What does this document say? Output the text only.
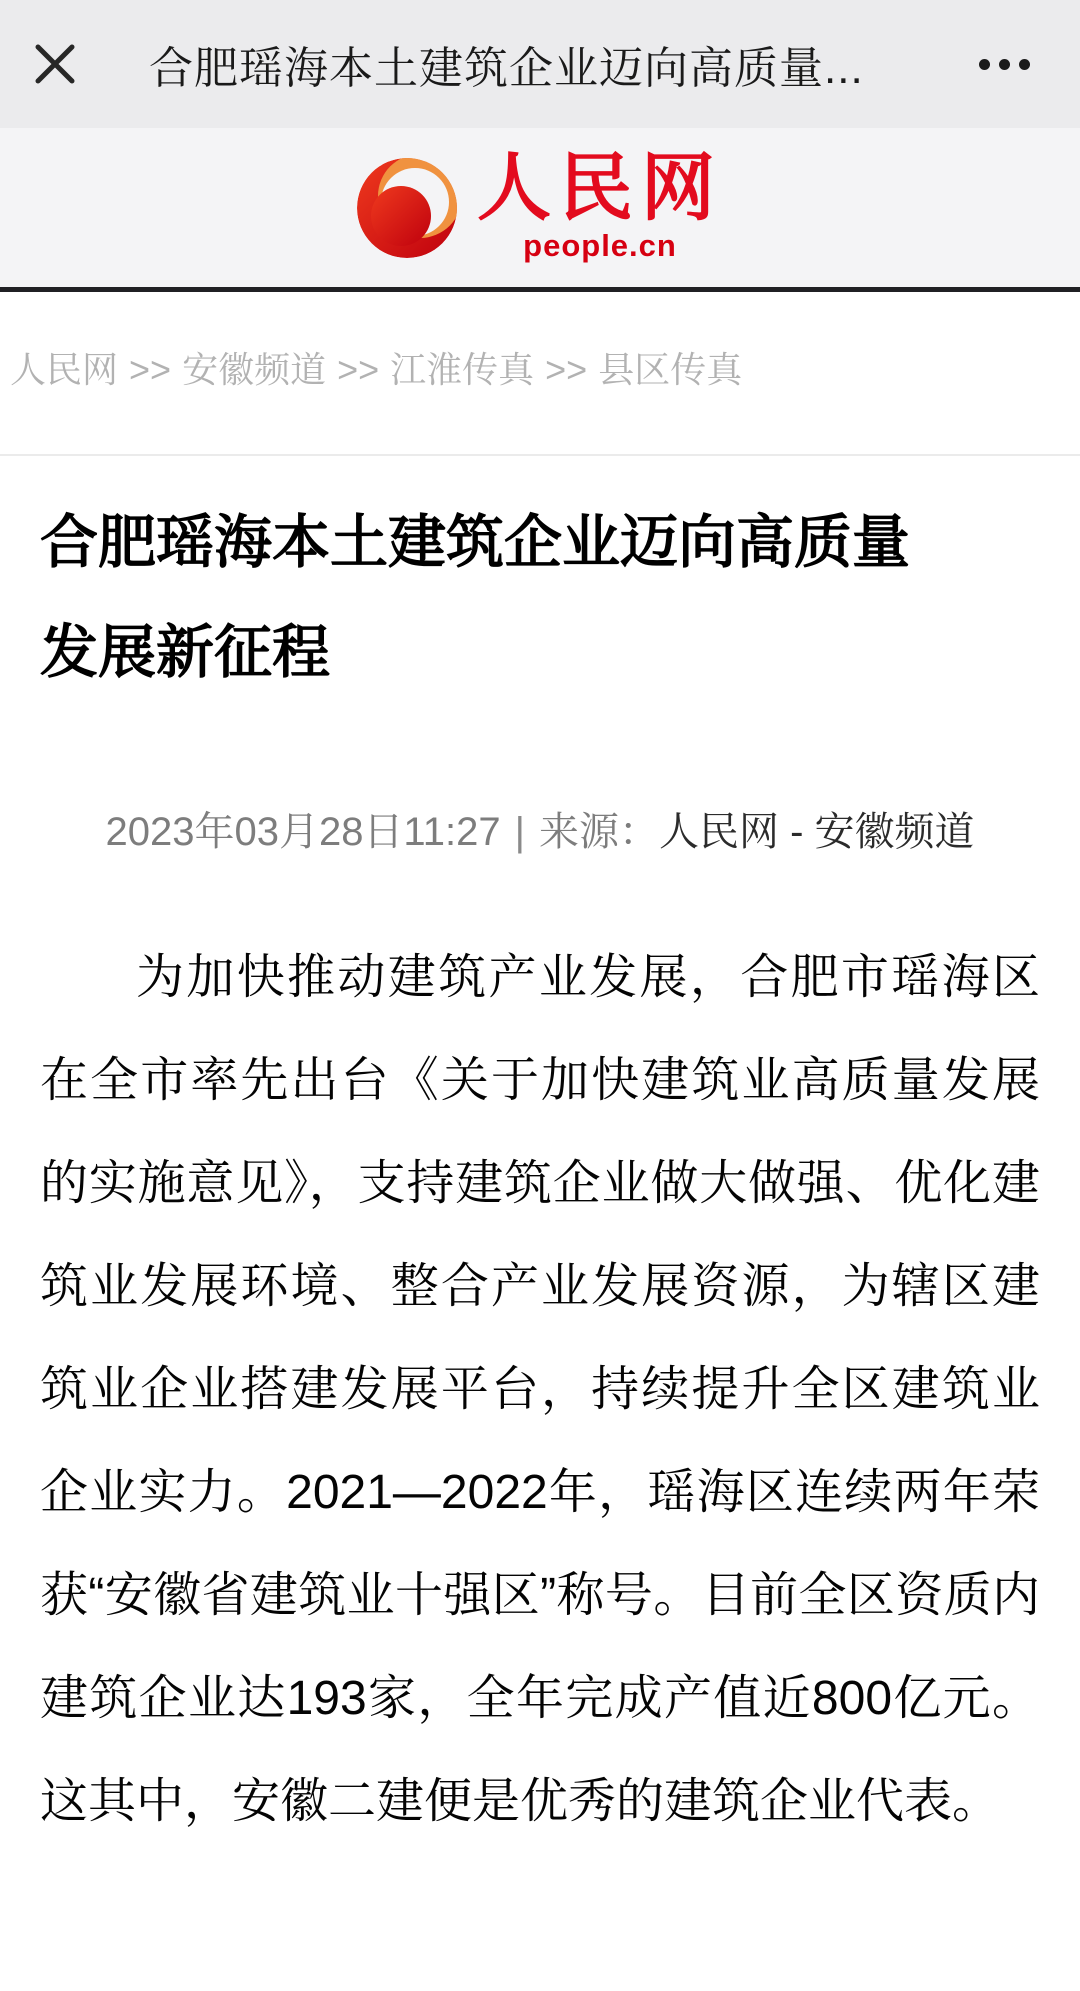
合肥瑶海本土建筑企业迈向高质量...
人民网
people.cn
人民网 >> 安徽频道 >> 江淮传真 >> 县区传真
合肥瑶海本土建筑企业迈向高质量
发展新征程
2023年03月28日11:27 | 来源：人民网 - 安徽频道

为加快推动建筑产业发展，合肥市瑶海区在全市率先出台《关于加快建筑业高质量发展的实施意见》，支持建筑企业做大做强、优化建筑业发展环境、整合产业发展资源，为辖区建筑业企业搭建发展平台，持续提升全区建筑业企业实力。2021—2022年，瑶海区连续两年荣获“安徽省建筑业十强区”称号。目前全区资质内建筑企业达193家，全年完成产值近800亿元。这其中，安徽二建便是优秀的建筑企业代表。
